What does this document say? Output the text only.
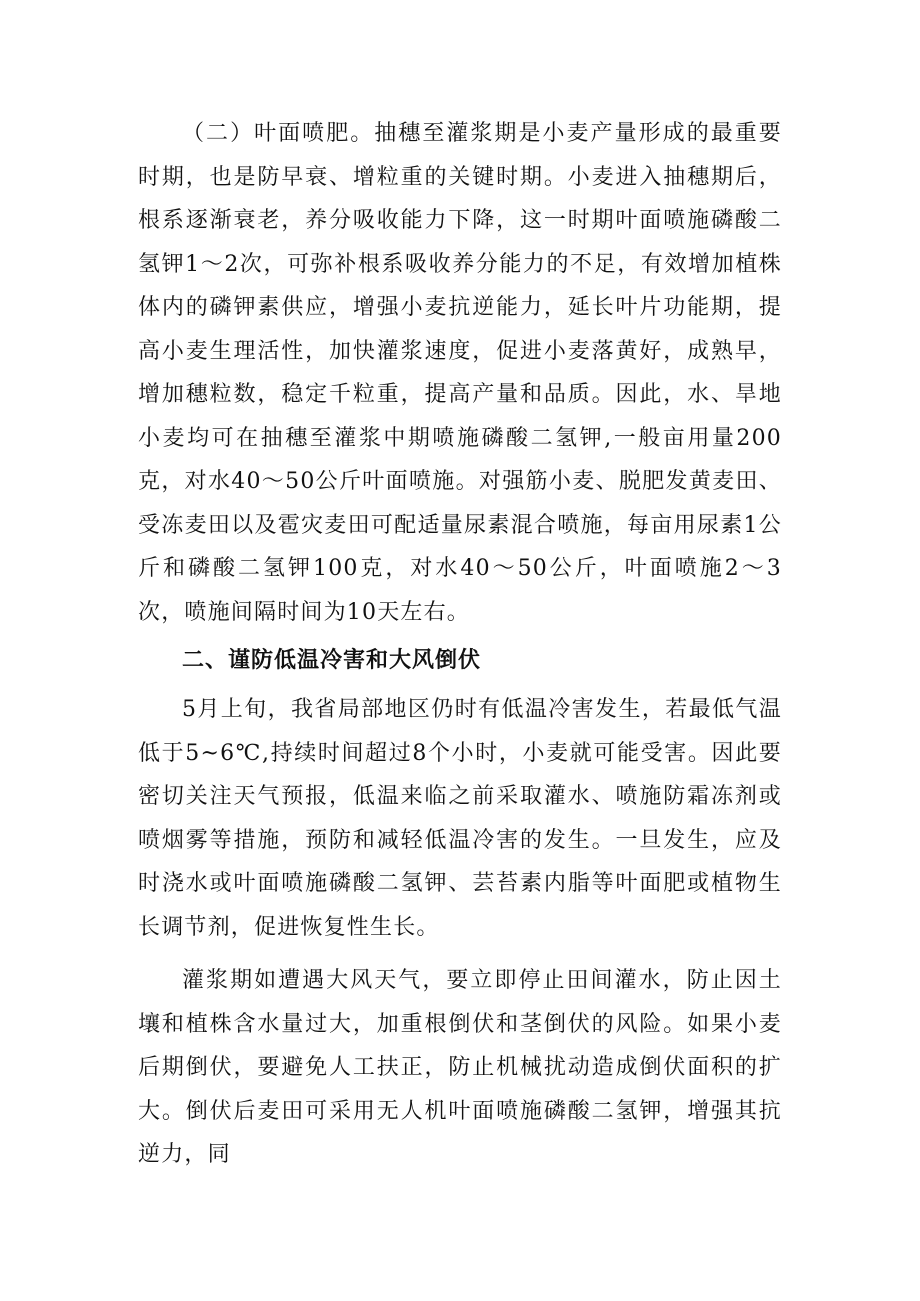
（二）叶面喷肥。抽穗至灌浆期是小麦产量形成的最重要时期，也是防早衰、增粒重的关键时期。小麦进入抽穗期后，根系逐渐衰老，养分吸收能力下降，这一时期叶面喷施磷酸二氢钾1～2次，可弥补根系吸收养分能力的不足，有效增加植株体内的磷钾素供应，增强小麦抗逆能力，延长叶片功能期，提高小麦生理活性，加快灌浆速度，促进小麦落黄好，成熟早，增加穗粒数，稳定千粒重，提高产量和品质。因此，水、旱地小麦均可在抽穗至灌浆中期喷施磷酸二氢钾,一般亩用量200克，对水40～50公斤叶面喷施。对强筋小麦、脱肥发黄麦田、受冻麦田以及雹灾麦田可配适量尿素混合喷施，每亩用尿素1公斤和磷酸二氢钾100克，对水40～50公斤，叶面喷施2～3次，喷施间隔时间为10天左右。

二、谨防低温冷害和大风倒伏

5月上旬，我省局部地区仍时有低温冷害发生，若最低气温低于5~6℃,持续时间超过8个小时，小麦就可能受害。因此要密切关注天气预报，低温来临之前采取灌水、喷施防霜冻剂或喷烟雾等措施，预防和减轻低温冷害的发生。一旦发生，应及时浇水或叶面喷施磷酸二氢钾、芸苔素内脂等叶面肥或植物生长调节剂，促进恢复性生长。

灌浆期如遭遇大风天气，要立即停止田间灌水，防止因土壤和植株含水量过大，加重根倒伏和茎倒伏的风险。如果小麦后期倒伏，要避免人工扶正，防止机械扰动造成倒伏面积的扩大。倒伏后麦田可采用无人机叶面喷施磷酸二氢钾，增强其抗逆力，同
